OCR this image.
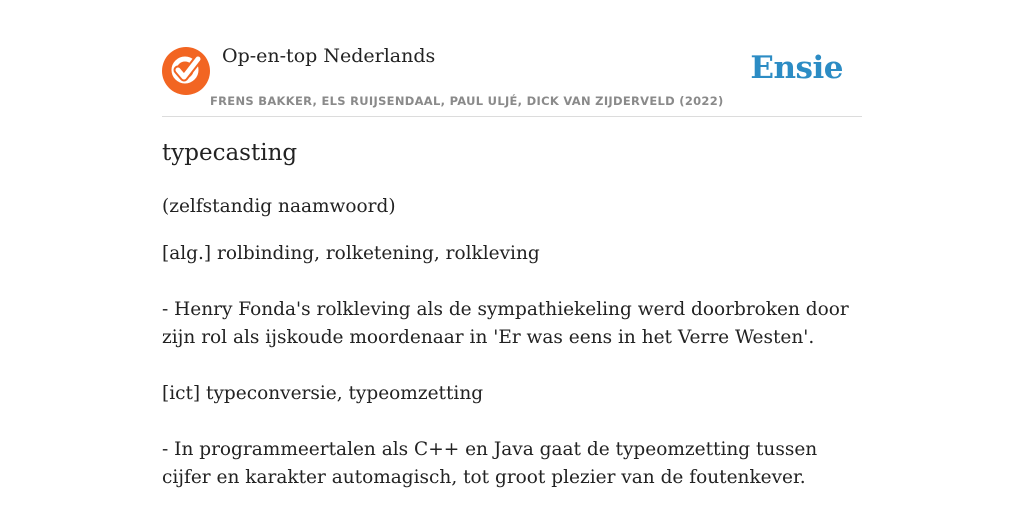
Op-en-top Nederlands
FRENS BAKKER, ELS RUIJSENDAAL, PAUL ULJÉ, DICK VAN ZIJDERVELD (2022)
Ensie
typecasting
(zelfstandig naamwoord)
[alg.] rolbinding, rolketening, rolkleving
- Henry Fonda's rolkleving als de sympathiekeling werd doorbroken door zijn rol als ijskoude moordenaar in 'Er was eens in het Verre Westen'.
[ict] typeconversie, typeomzetting
- In programmeertalen als C++ en Java gaat de typeomzetting tussen cijfer en karakter automagisch, tot groot plezier van de foutenkever.
